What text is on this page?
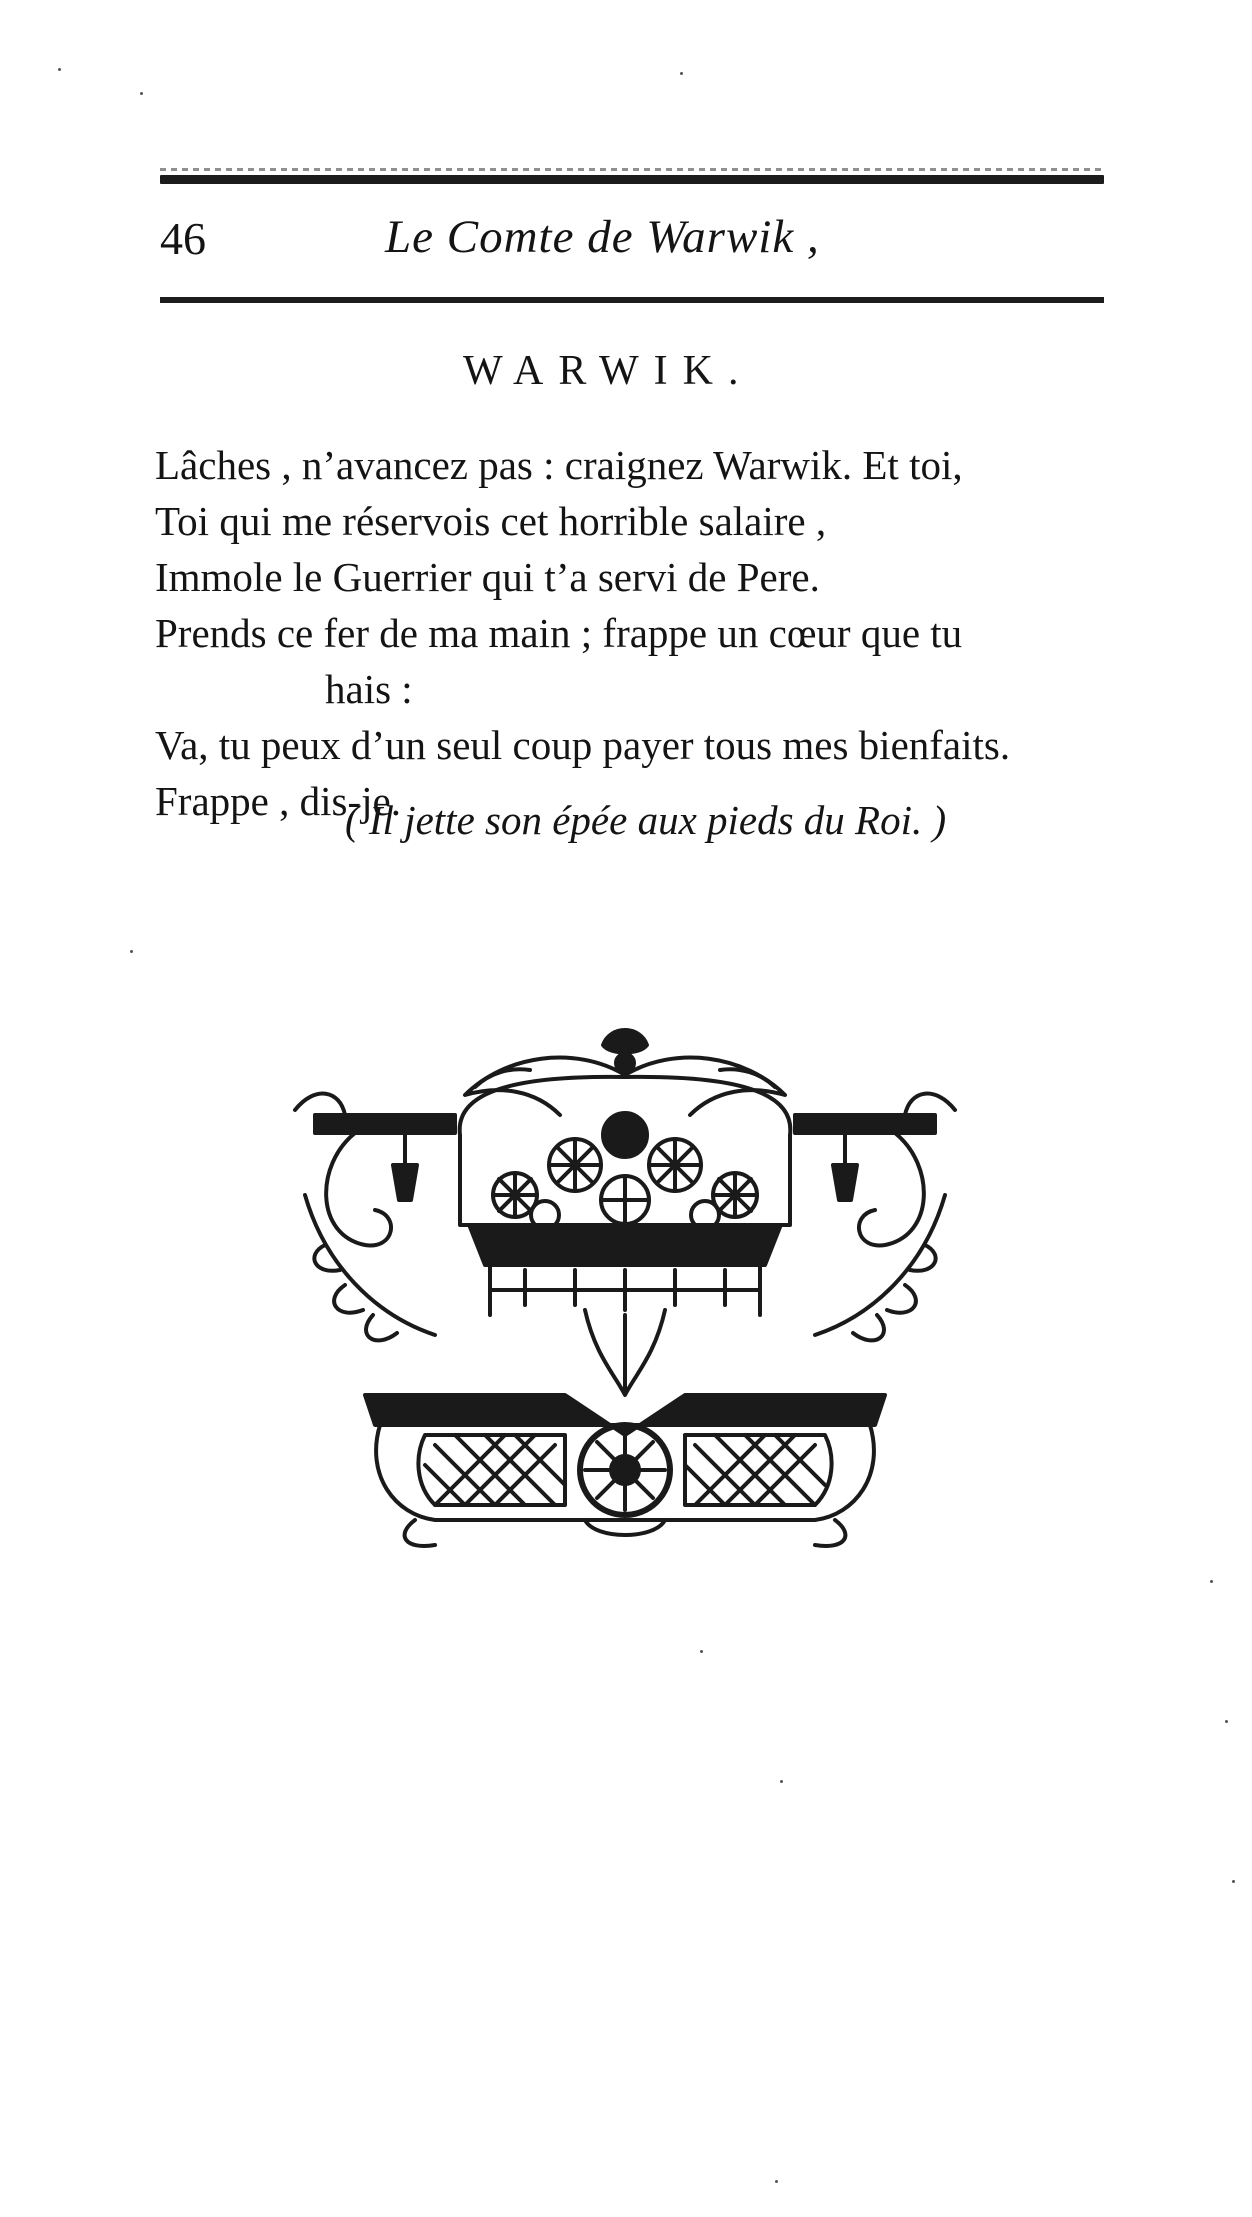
46	Le Comte de Warwik ,
WARWIK.
Lâches , n’avancez pas : craignez Warwik. Et toi,
Toi qui me réservois cet horrible salaire ,
Immole le Guerrier qui t’a servi de Pere.
Prends ce fer de ma main ; frappe un cœur que tu
hais :
Va, tu peux d’un seul coup payer tous mes bienfaits.
Frappe , dis-je.
( Il jette son épée aux pieds du Roi. )
